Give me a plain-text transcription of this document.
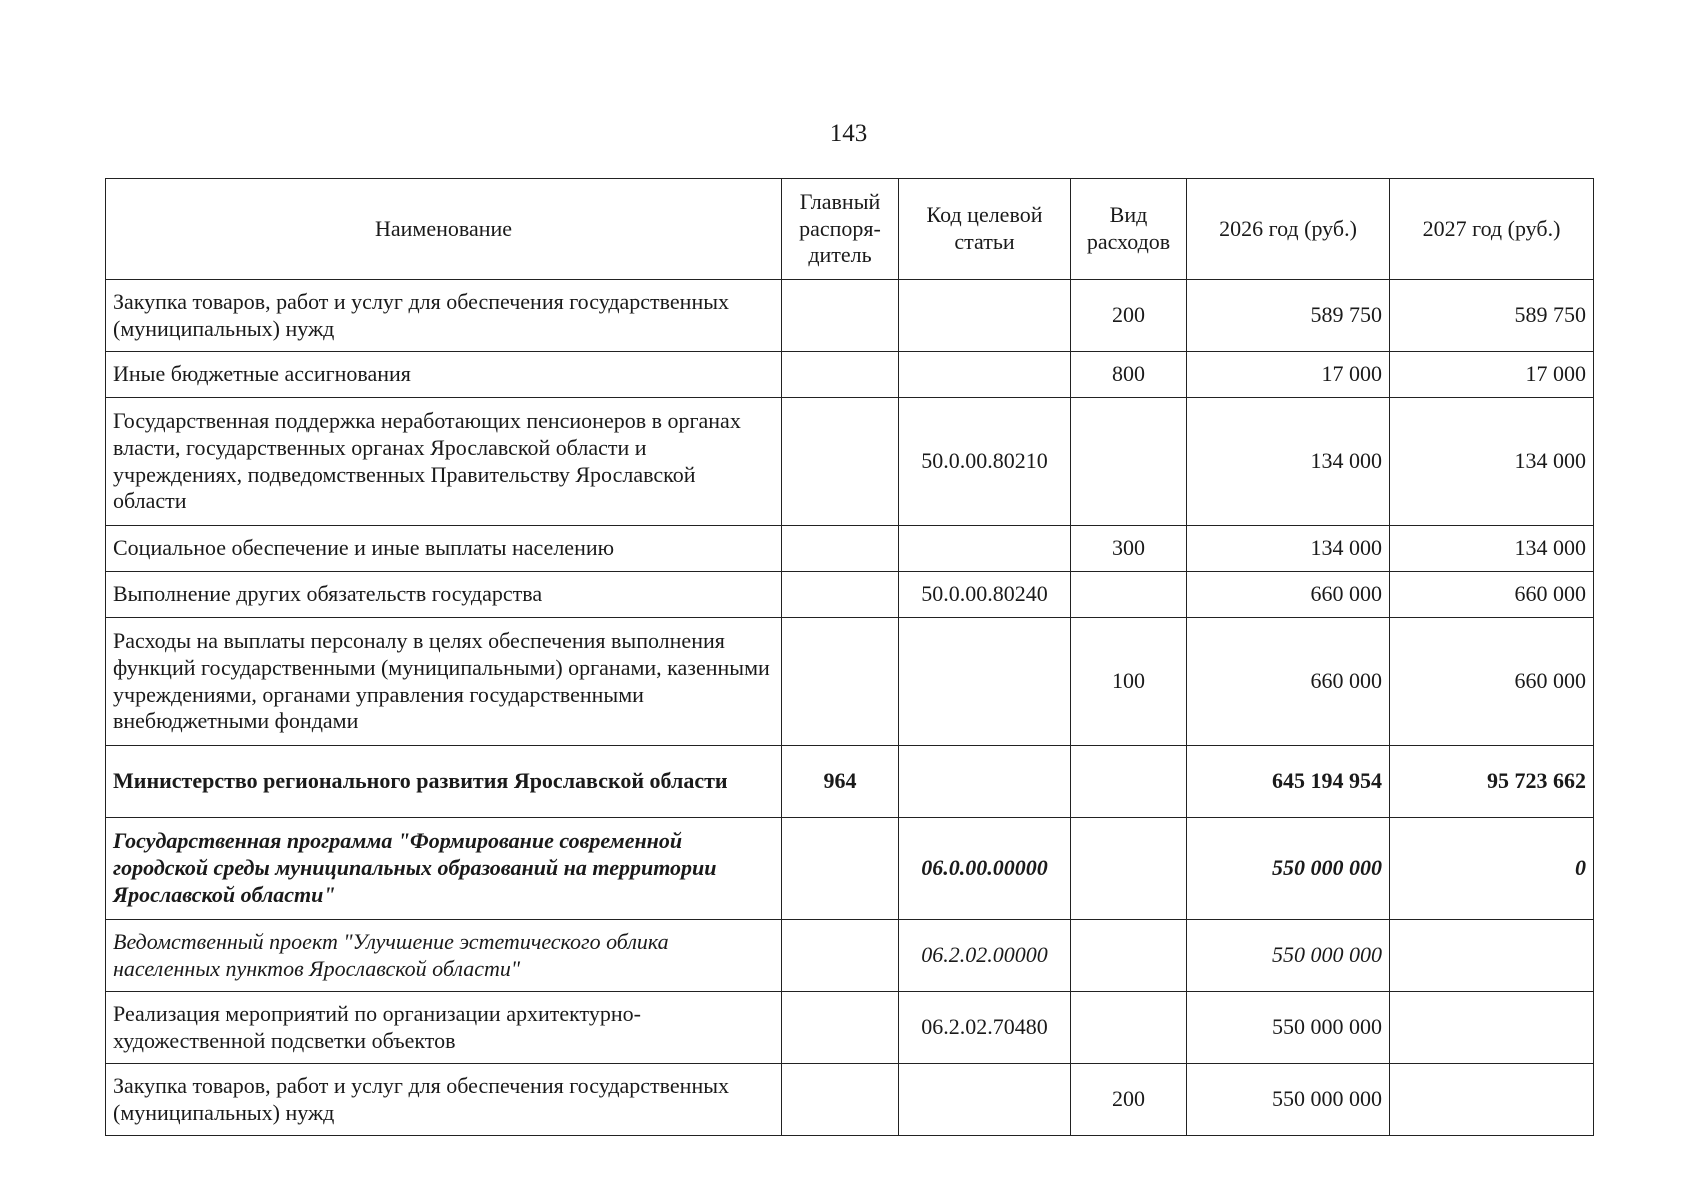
143
Наименование	Главный распоря-дитель	Код целевой статьи	Вид расходов	2026 год (руб.)	2027 год (руб.)
Закупка товаров, работ и услуг для обеспечения государственных (муниципальных) нужд			200	589 750	589 750
Иные бюджетные ассигнования			800	17 000	17 000
Государственная поддержка неработающих пенсионеров в органах власти, государственных органах Ярославской области и учреждениях, подведомственных Правительству Ярославской области		50.0.00.80210		134 000	134 000
Социальное обеспечение и иные выплаты населению			300	134 000	134 000
Выполнение других обязательств государства		50.0.00.80240		660 000	660 000
Расходы на выплаты персоналу в целях обеспечения выполнения функций государственными (муниципальными) органами, казенными учреждениями, органами управления государственными внебюджетными фондами			100	660 000	660 000
Министерство регионального развития Ярославской области	964			645 194 954	95 723 662
Государственная программа "Формирование современной городской среды муниципальных образований на территории Ярославской области"		06.0.00.00000		550 000 000	0
Ведомственный проект "Улучшение эстетического облика населенных пунктов Ярославской области"		06.2.02.00000		550 000 000	
Реализация мероприятий по организации архитектурно-художественной подсветки объектов		06.2.02.70480		550 000 000	
Закупка товаров, работ и услуг для обеспечения государственных (муниципальных) нужд			200	550 000 000	
